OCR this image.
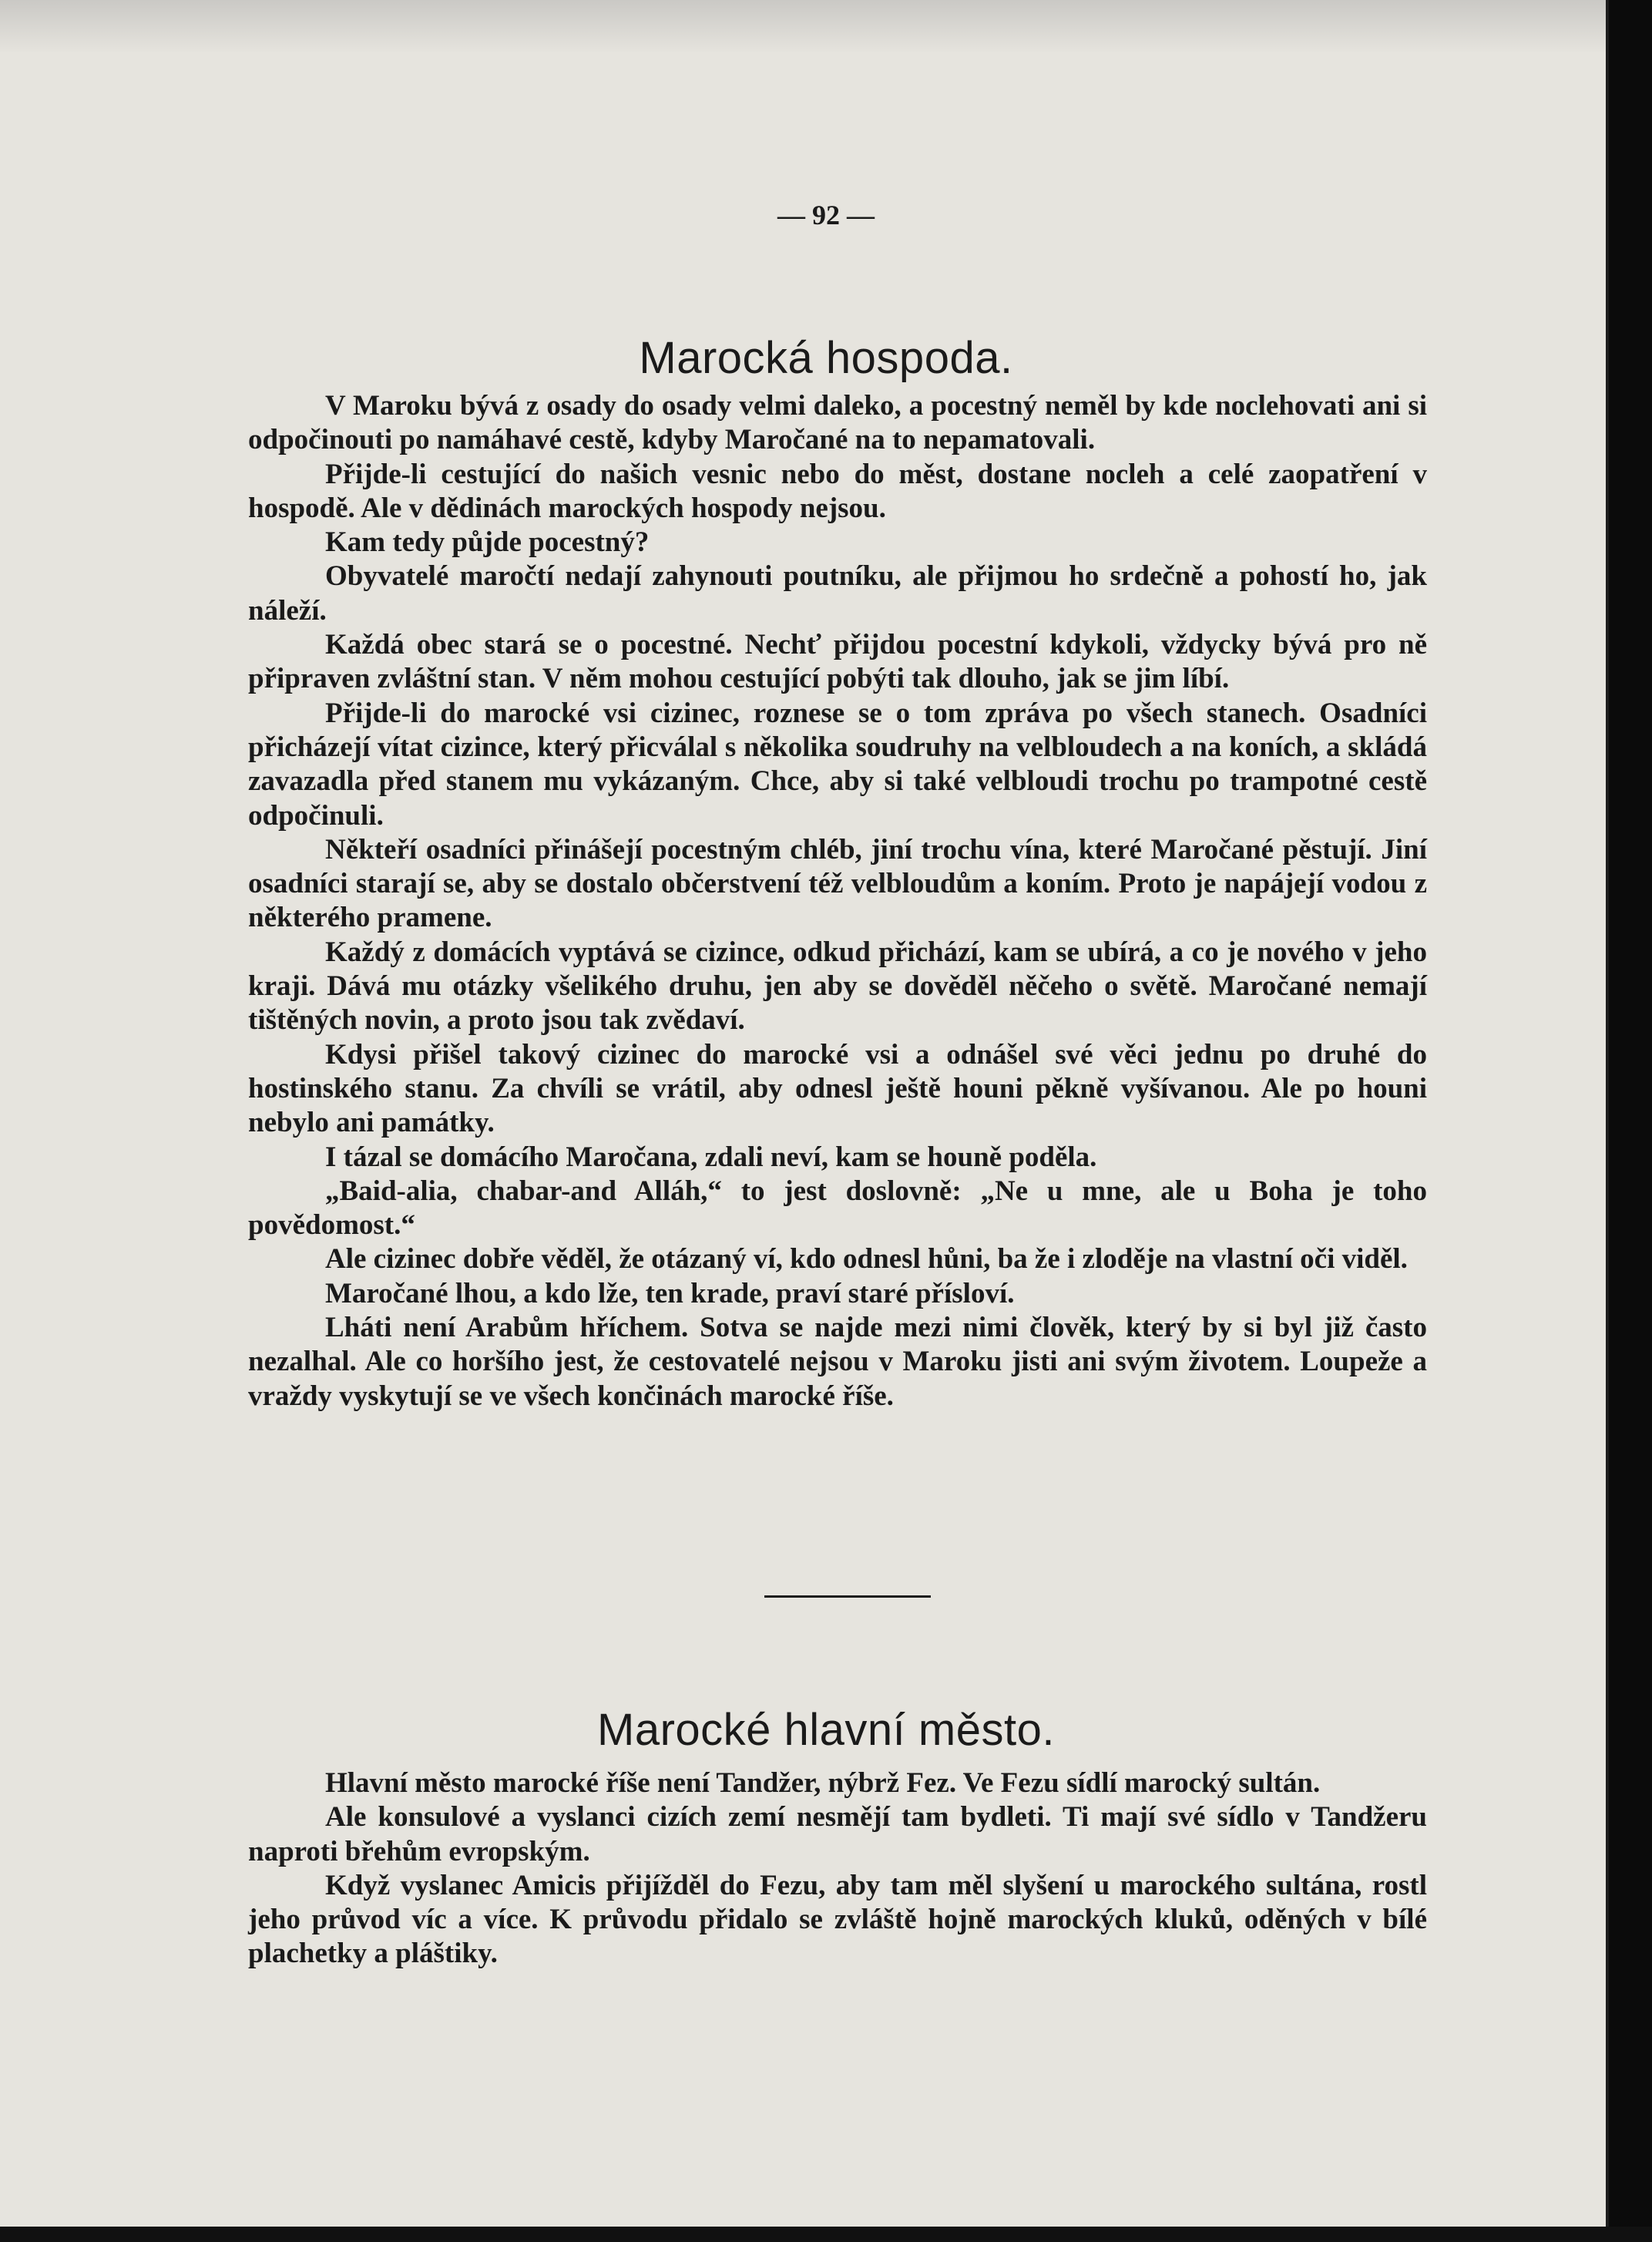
— 92 —
Marocká hospoda.

V Maroku bývá z osady do osady velmi daleko, a pocestný neměl by kde noclehovati ani si odpočinouti po namáhavé cestě, kdyby Maročané na to nepamatovali.

Přijde-li cestující do našich vesnic nebo do měst, dostane nocleh a celé zaopatření v hospodě. Ale v dědinách marockých hospody nejsou.

Kam tedy půjde pocestný?

Obyvatelé maročtí nedají zahynouti poutníku, ale přijmou ho srdečně a pohostí ho, jak náleží.

Každá obec stará se o pocestné. Nechť přijdou pocestní kdykoli, vždycky bývá pro ně připraven zvláštní stan. V něm mohou cestující pobýti tak dlouho, jak se jim líbí.

Přijde-li do marocké vsi cizinec, roznese se o tom zpráva po všech stanech. Osadníci přicházejí vítat cizince, který přicválal s několika soudruhy na velbloudech a na koních, a skládá zavazadla před stanem mu vykázaným. Chce, aby si také velbloudi trochu po trampotné cestě odpočinuli.

Někteří osadníci přinášejí pocestným chléb, jiní trochu vína, které Maročané pěstují. Jiní osadníci starají se, aby se dostalo občerstvení též velbloudům a koním. Proto je napájejí vodou z některého pramene.

Každý z domácích vyptává se cizince, odkud přichází, kam se ubírá, a co je nového v jeho kraji. Dává mu otázky všelikého druhu, jen aby se dověděl něčeho o světě. Maročané nemají tištěných novin, a proto jsou tak zvědaví.

Kdysi přišel takový cizinec do marocké vsi a odnášel své věci jednu po druhé do hostinského stanu. Za chvíli se vrátil, aby odnesl ještě houni pěkně vyšívanou. Ale po houni nebylo ani památky.

I tázal se domácího Maročana, zdali neví, kam se houně poděla.

„Baid-alia, chabar-and Alláh,“ to jest doslovně: „Ne u mne, ale u Boha je toho povědomost.“

Ale cizinec dobře věděl, že otázaný ví, kdo odnesl hůni, ba že i zloděje na vlastní oči viděl.

Maročané lhou, a kdo lže, ten krade, praví staré přísloví.

Lháti není Arabům hříchem. Sotva se najde mezi nimi člověk, který by si byl již často nezalhal. Ale co horšího jest, že cestovatelé nejsou v Maroku jisti ani svým životem. Loupeže a vraždy vyskytují se ve všech končinách marocké říše.

Marocké hlavní město.

Hlavní město marocké říše není Tandžer, nýbrž Fez. Ve Fezu sídlí marocký sultán.

Ale konsulové a vyslanci cizích zemí nesmějí tam bydleti. Ti mají své sídlo v Tandžeru naproti břehům evropským.

Když vyslanec Amicis přijížděl do Fezu, aby tam měl slyšení u marockého sultána, rostl jeho průvod víc a více. K průvodu přidalo se zvláště hojně marockých kluků, oděných v bílé plachetky a pláštiky.
